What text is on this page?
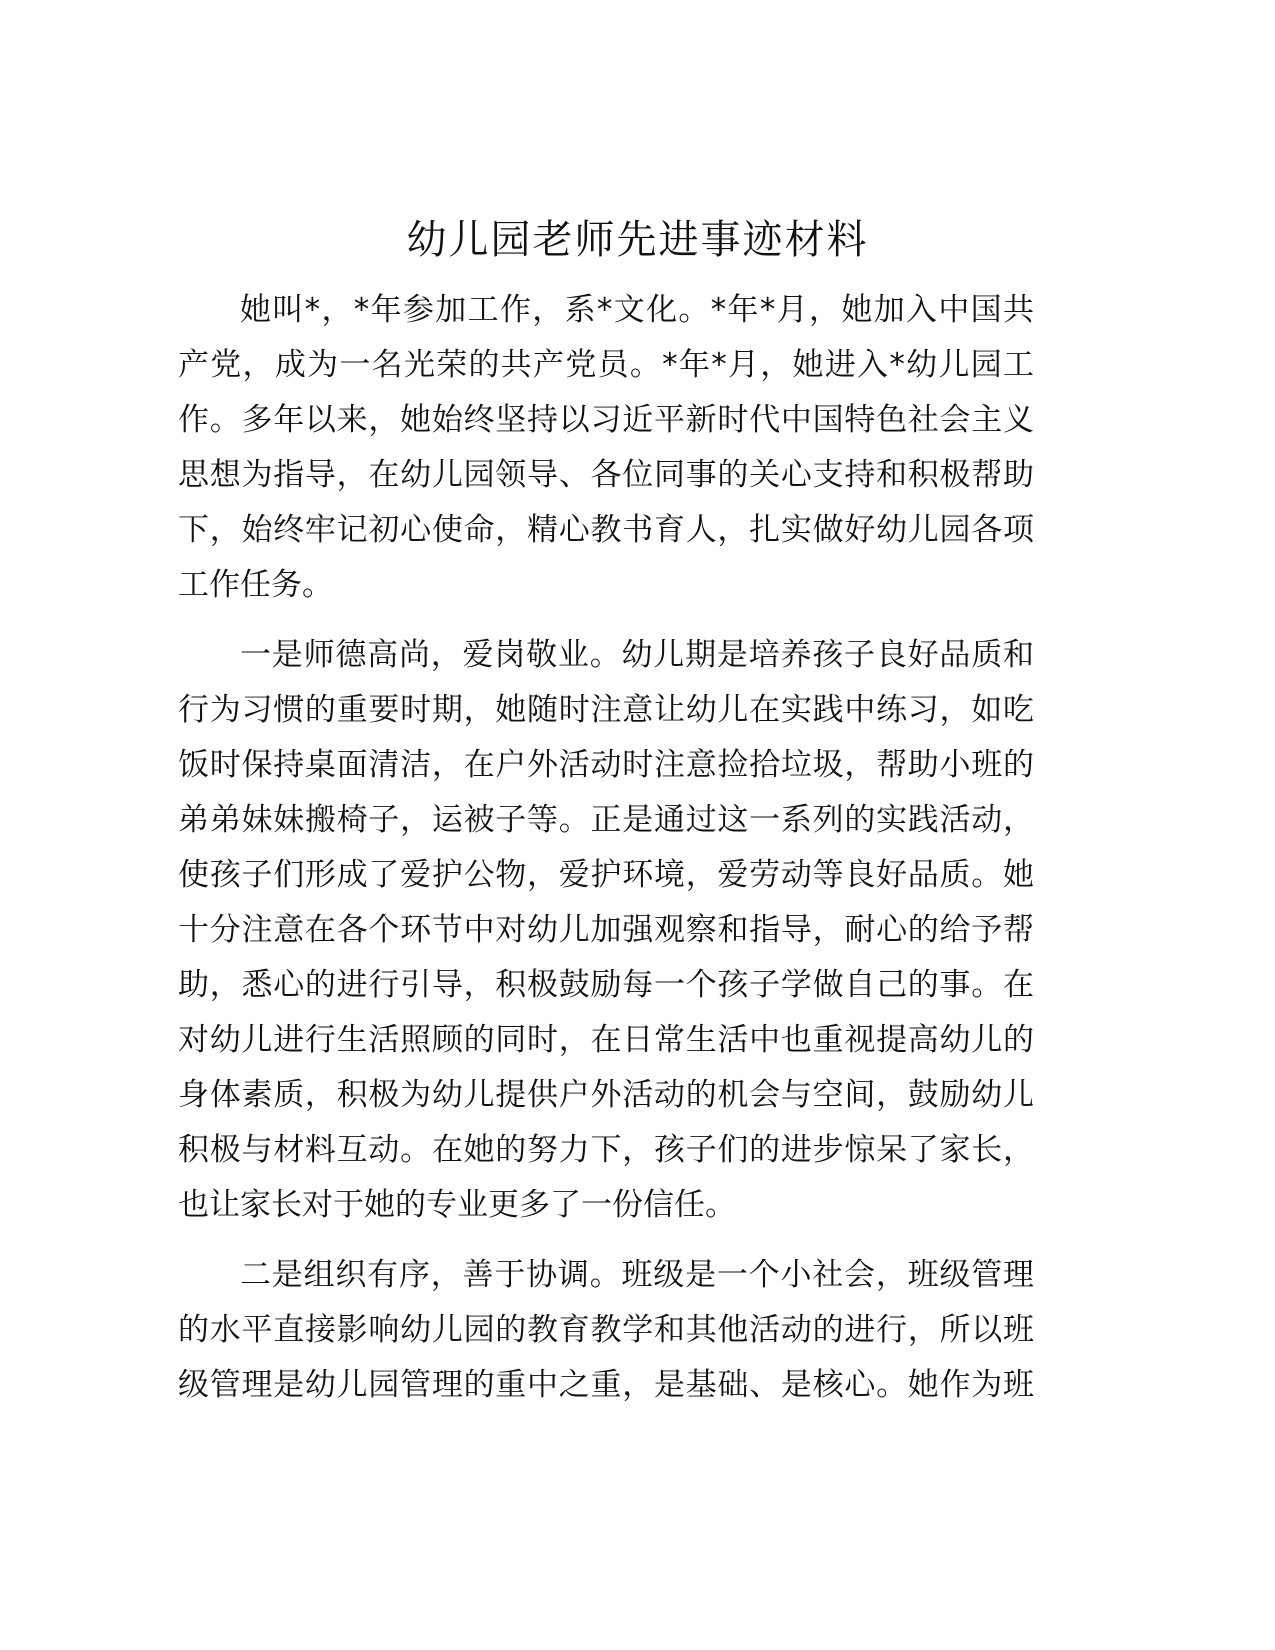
幼儿园老师先进事迹材料
她叫*，*年参加工作，系*文化。*年*月，她加入中国共
产党，成为一名光荣的共产党员。*年*月，她进入*幼儿园工
作。多年以来，她始终坚持以习近平新时代中国特色社会主义
思想为指导，在幼儿园领导、各位同事的关心支持和积极帮助
下，始终牢记初心使命，精心教书育人，扎实做好幼儿园各项
工作任务。
一是师德高尚，爱岗敬业。幼儿期是培养孩子良好品质和
行为习惯的重要时期，她随时注意让幼儿在实践中练习，如吃
饭时保持桌面清洁，在户外活动时注意捡拾垃圾，帮助小班的
弟弟妹妹搬椅子，运被子等。正是通过这一系列的实践活动，
使孩子们形成了爱护公物，爱护环境，爱劳动等良好品质。她
十分注意在各个环节中对幼儿加强观察和指导，耐心的给予帮
助，悉心的进行引导，积极鼓励每一个孩子学做自己的事。在
对幼儿进行生活照顾的同时，在日常生活中也重视提高幼儿的
身体素质，积极为幼儿提供户外活动的机会与空间，鼓励幼儿
积极与材料互动。在她的努力下，孩子们的进步惊呆了家长，
也让家长对于她的专业更多了一份信任。
二是组织有序，善于协调。班级是一个小社会，班级管理
的水平直接影响幼儿园的教育教学和其他活动的进行，所以班
级管理是幼儿园管理的重中之重，是基础、是核心。她作为班
